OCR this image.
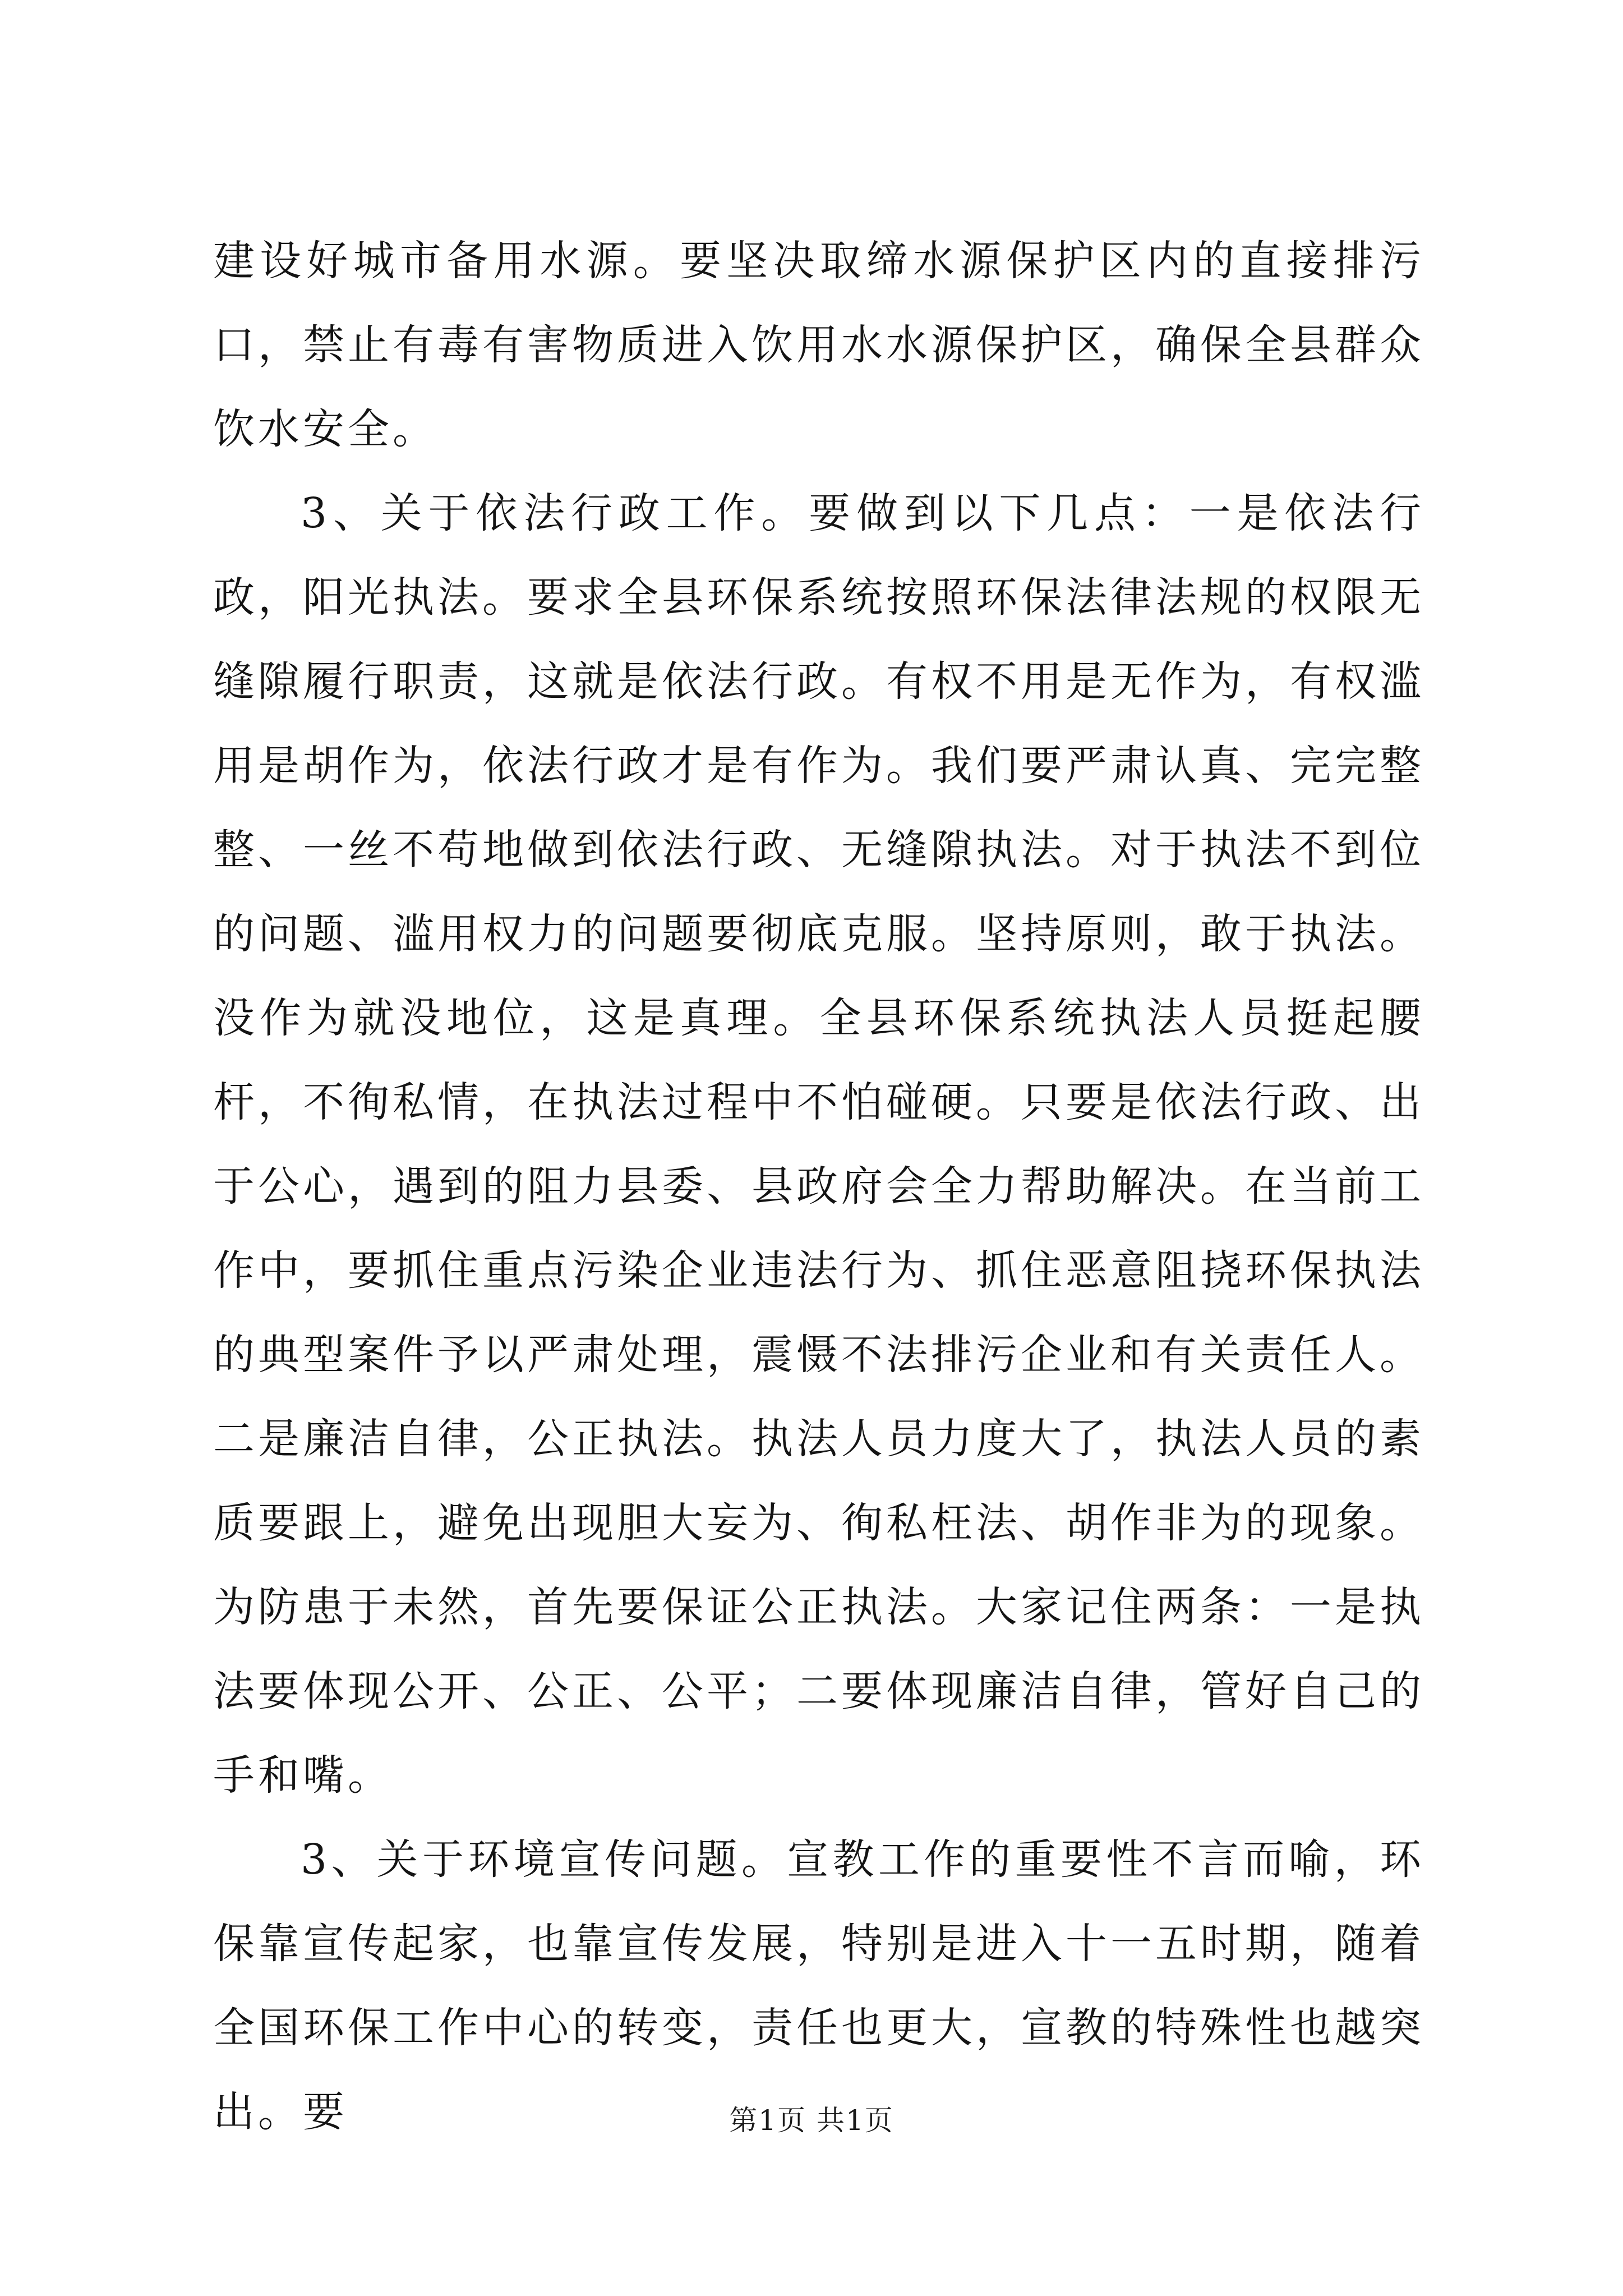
建设好城市备用水源。要坚决取缔水源保护区内的直接排污口，禁止有毒有害物质进入饮用水水源保护区，确保全县群众饮水安全。

3、关于依法行政工作。要做到以下几点：一是依法行政，阳光执法。要求全县环保系统按照环保法律法规的权限无缝隙履行职责，这就是依法行政。有权不用是无作为，有权滥用是胡作为，依法行政才是有作为。我们要严肃认真、完完整整、一丝不苟地做到依法行政、无缝隙执法。对于执法不到位的问题、滥用权力的问题要彻底克服。坚持原则，敢于执法。没作为就没地位，这是真理。全县环保系统执法人员挺起腰杆，不徇私情，在执法过程中不怕碰硬。只要是依法行政、出于公心，遇到的阻力县委、县政府会全力帮助解决。在当前工作中，要抓住重点污染企业违法行为、抓住恶意阻挠环保执法的典型案件予以严肃处理，震慑不法排污企业和有关责任人。二是廉洁自律，公正执法。执法人员力度大了，执法人员的素质要跟上，避免出现胆大妄为、徇私枉法、胡作非为的现象。为防患于未然，首先要保证公正执法。大家记住两条：一是执法要体现公开、公正、公平；二要体现廉洁自律，管好自己的手和嘴。

3、关于环境宣传问题。宣教工作的重要性不言而喻，环保靠宣传起家，也靠宣传发展，特别是进入十一五时期，随着全国环保工作中心的转变，责任也更大，宣教的特殊性也越突出。要	第1页 共1页
